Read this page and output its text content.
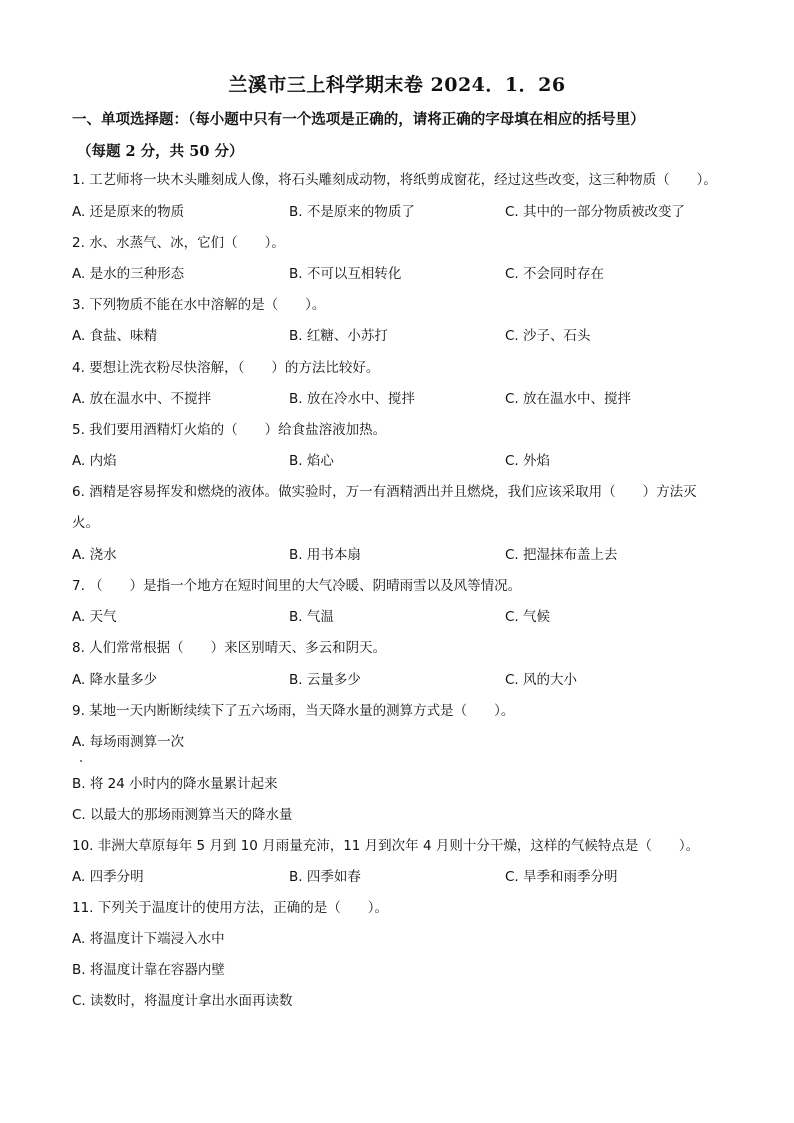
兰溪市三上科学期末卷 2024．1．26
一、单项选择题：（每小题中只有一个选项是正确的，请将正确的字母填在相应的括号里）
（每题 2 分，共 50 分）
1. 工艺师将一块木头雕刻成人像，将石头雕刻成动物，将纸剪成窗花，经过这些改变，这三种物质（　　）。
A. 还是原来的物质	B. 不是原来的物质了	C. 其中的一部分物质被改变了
2. 水、水蒸气、冰，它们（　　）。
A. 是水的三种形态	B. 不可以互相转化	C. 不会同时存在
3. 下列物质不能在水中溶解的是（　　）。
A. 食盐、味精	B. 红糖、小苏打	C. 沙子、石头
4. 要想让洗衣粉尽快溶解，（　　）的方法比较好。
A. 放在温水中、不搅拌	B. 放在冷水中、搅拌	C. 放在温水中、搅拌
5. 我们要用酒精灯火焰的（　　）给食盐溶液加热。
A. 内焰	B. 焰心	C. 外焰
6. 酒精是容易挥发和燃烧的液体。做实验时，万一有酒精洒出并且燃烧，我们应该采取用（　　）方法灭
火。
A. 浇水	B. 用书本扇	C. 把湿抹布盖上去
7. （　　）是指一个地方在短时间里的大气冷暖、阴晴雨雪以及风等情况。
A. 天气	B. 气温	C. 气候
8. 人们常常根据（　　）来区别晴天、多云和阴天。
A. 降水量多少	B. 云量多少	C. 风的大小
9. 某地一天内断断续续下了五六场雨，当天降水量的测算方式是（　　）。
A. 每场雨测算一次
B. 将 24 小时内的降水量累计起来
C. 以最大的那场雨测算当天的降水量
10. 非洲大草原每年 5 月到 10 月雨量充沛，11 月到次年 4 月则十分干燥，这样的气候特点是（　　）。
A. 四季分明	B. 四季如春	C. 旱季和雨季分明
11. 下列关于温度计的使用方法，正确的是（　　）。
A. 将温度计下端浸入水中
B. 将温度计靠在容器内壁
C. 读数时，将温度计拿出水面再读数
